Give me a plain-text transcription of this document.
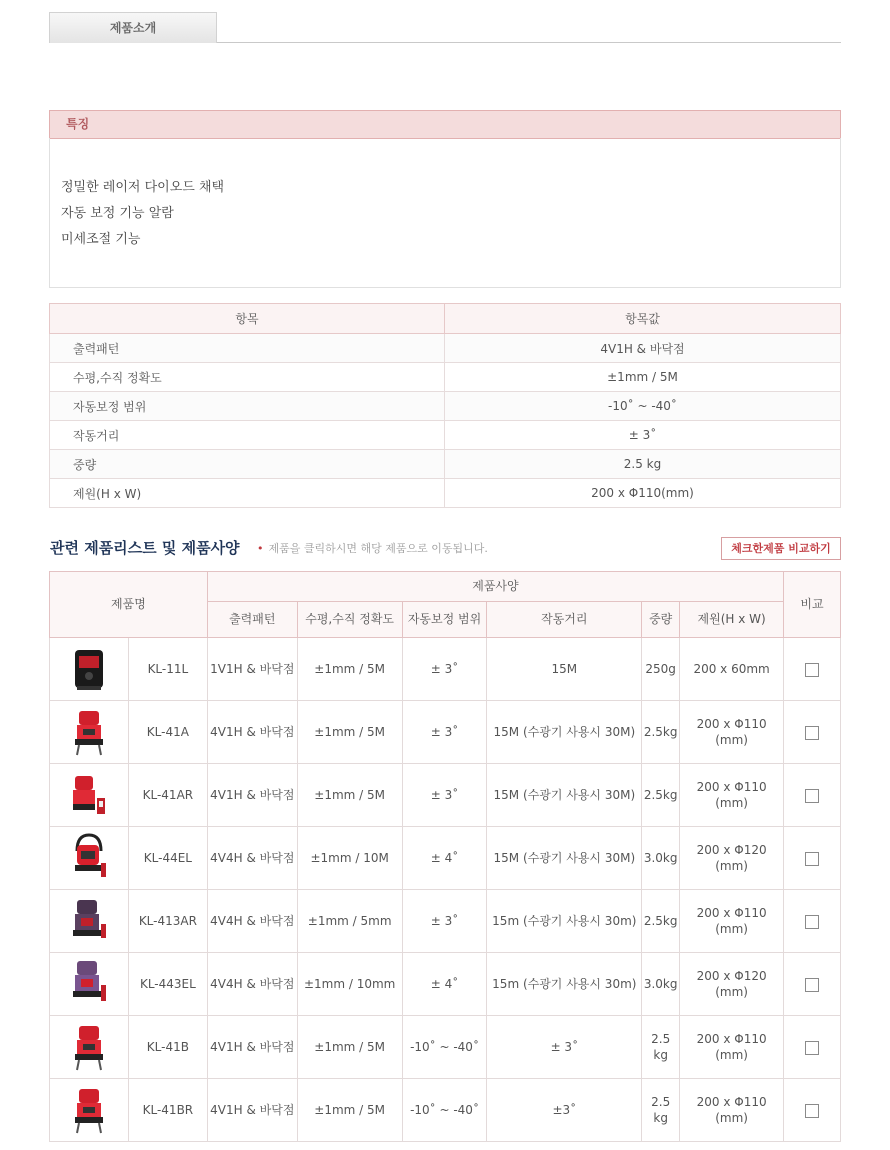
제품소개
특징

정밀한 레이저 다이오드 채택

자동 보정 기능 알람

미세조절 기능

항목	항목값
출력패턴	4V1H & 바닥점
수평,수직 정확도	±1mm / 5M
자동보정 범위	-10˚ ~ -40˚
작동거리	± 3˚
중량	2.5 kg
제원(H x W)	200 x Φ110(mm)
관련 제품리스트 및 제품사양 • 제품을 클릭하시면 해당 제품으로 이동됩니다.	체크한제품 비교하기
제품명		제품사양						비교
		출력패턴	수평,수직 정확도	자동보정 범위	작동거리	중량	제원(H x W)	
	KL-11L	1V1H & 바닥점	±1mm / 5M	± 3˚	15M	250g	200 x 60mm	
	KL-41A	4V1H & 바닥점	±1mm / 5M	± 3˚	15M (수광기 사용시 30M)	2.5kg	200 x Φ110 (mm)	
	KL-41AR	4V1H & 바닥점	±1mm / 5M	± 3˚	15M (수광기 사용시 30M)	2.5kg	200 x Φ110 (mm)	
	KL-44EL	4V4H & 바닥점	±1mm / 10M	± 4˚	15M (수광기 사용시 30M)	3.0kg	200 x Φ120 (mm)	
	KL-413AR	4V4H & 바닥점	±1mm / 5mm	± 3˚	15m (수광기 사용시 30m)	2.5kg	200 x Φ110 (mm)	
	KL-443EL	4V4H & 바닥점	±1mm / 10mm	± 4˚	15m (수광기 사용시 30m)	3.0kg	200 x Φ120 (mm)	
	KL-41B	4V1H & 바닥점	±1mm / 5M	-10˚ ~ -40˚	± 3˚	2.5 kg	200 x Φ110 (mm)	
	KL-41BR	4V1H & 바닥점	±1mm / 5M	-10˚ ~ -40˚	±3˚	2.5 kg	200 x Φ110 (mm)	
